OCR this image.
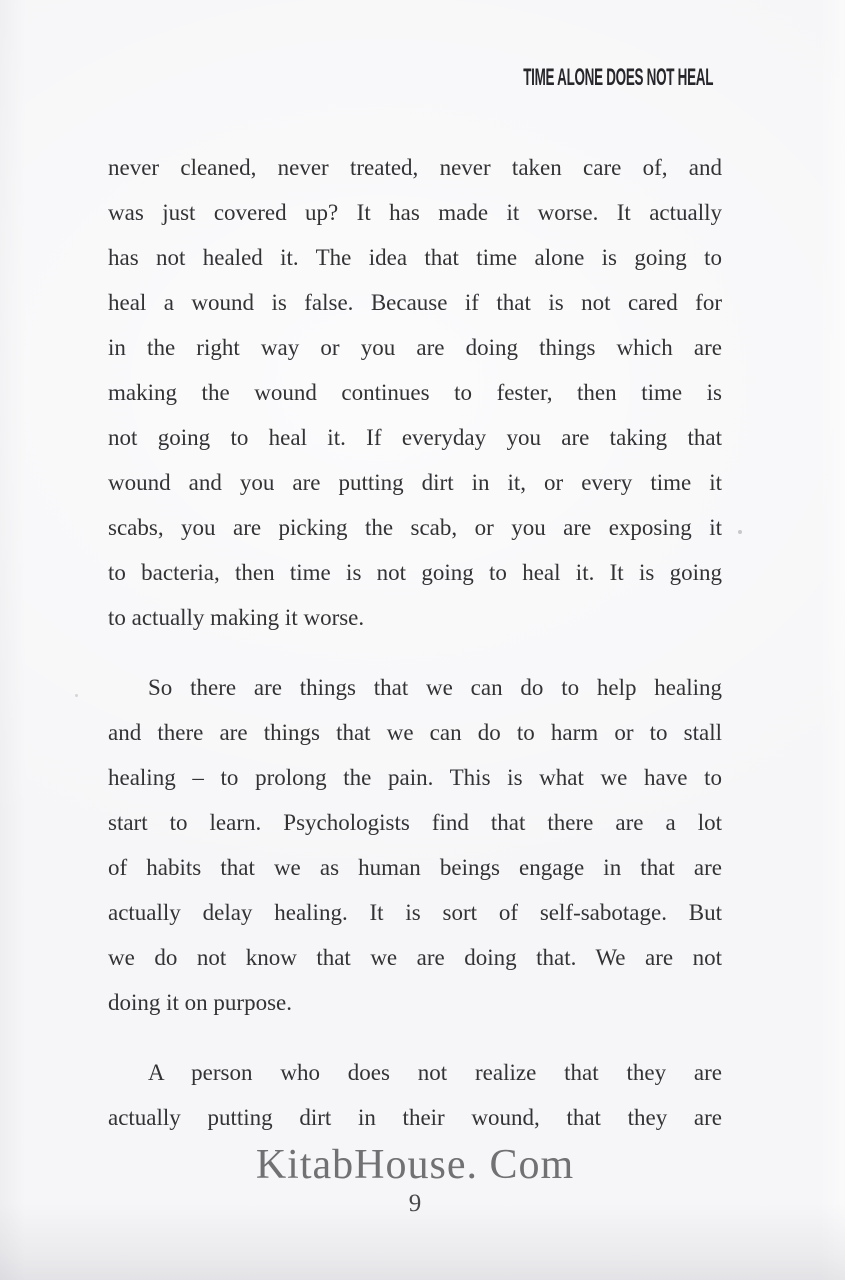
TIME ALONE DOES NOT HEAL
never cleaned, never treated, never taken care of, and
was just covered up? It has made it worse. It actually
has not healed it. The idea that time alone is going to
heal a wound is false. Because if that is not cared for
in the right way or you are doing things which are
making the wound continues to fester, then time is
not going to heal it. If everyday you are taking that
wound and you are putting dirt in it, or every time it
scabs, you are picking the scab, or you are exposing it
to bacteria, then time is not going to heal it. It is going
to actually making it worse.
So there are things that we can do to help healing
and there are things that we can do to harm or to stall
healing – to prolong the pain. This is what we have to
start to learn. Psychologists find that there are a lot
of habits that we as human beings engage in that are
actually delay healing. It is sort of self-sabotage. But
we do not know that we are doing that. We are not
doing it on purpose.
A person who does not realize that they are
actually putting dirt in their wound, that they are
KitabHouse. Com
9
